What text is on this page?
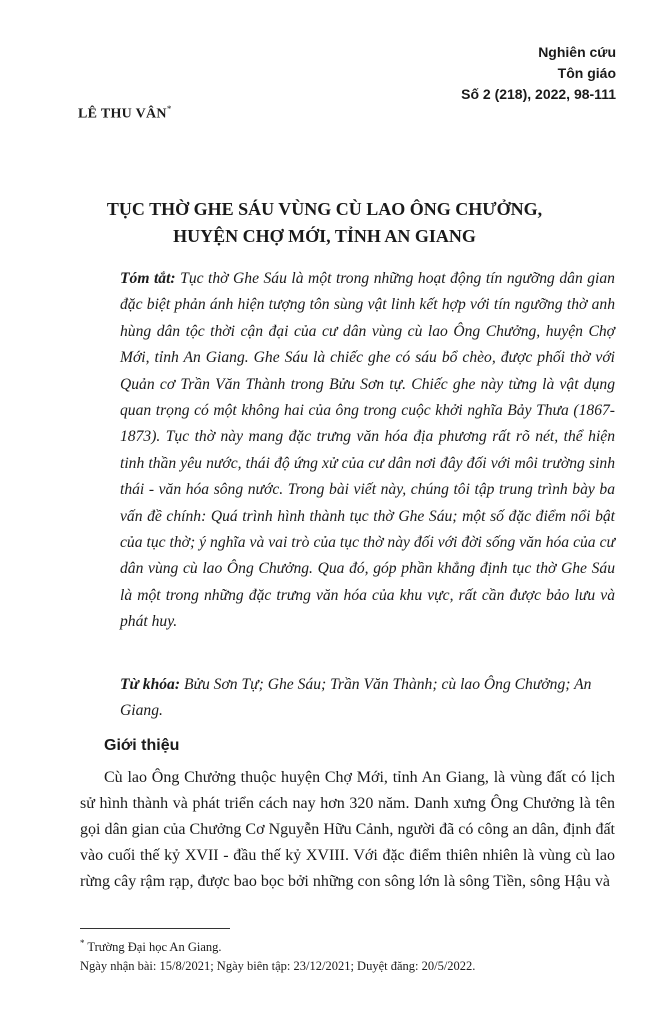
Nghiên cứu
Tôn giáo
Số 2 (218), 2022, 98-111
LÊ THU VÂN*
TỤC THỜ GHE SÁU VÙNG CÙ LAO ÔNG CHƯỞNG,
HUYỆN CHỢ MỚI, TỈNH AN GIANG
Tóm tắt: Tục thờ Ghe Sáu là một trong những hoạt động tín ngưỡng dân gian đặc biệt phản ánh hiện tượng tôn sùng vật linh kết hợp với tín ngưỡng thờ anh hùng dân tộc thời cận đại của cư dân vùng cù lao Ông Chưởng, huyện Chợ Mới, tỉnh An Giang. Ghe Sáu là chiếc ghe có sáu bổ chèo, được phối thờ với Quản cơ Trần Văn Thành trong Bửu Sơn tự. Chiếc ghe này từng là vật dụng quan trọng có một không hai của ông trong cuộc khởi nghĩa Bảy Thưa (1867-1873). Tục thờ này mang đặc trưng văn hóa địa phương rất rõ nét, thể hiện tinh thần yêu nước, thái độ ứng xử của cư dân nơi đây đối với môi trường sinh thái - văn hóa sông nước. Trong bài viết này, chúng tôi tập trung trình bày ba vấn đề chính: Quá trình hình thành tục thờ Ghe Sáu; một số đặc điểm nổi bật của tục thờ; ý nghĩa và vai trò của tục thờ này đối với đời sống văn hóa của cư dân vùng cù lao Ông Chưởng. Qua đó, góp phần khẳng định tục thờ Ghe Sáu là một trong những đặc trưng văn hóa của khu vực, rất cần được bảo lưu và phát huy.
Từ khóa: Bửu Sơn Tự; Ghe Sáu; Trần Văn Thành; cù lao Ông Chưởng; An Giang.
Giới thiệu
Cù lao Ông Chưởng thuộc huyện Chợ Mới, tỉnh An Giang, là vùng đất có lịch sử hình thành và phát triển cách nay hơn 320 năm. Danh xưng Ông Chưởng là tên gọi dân gian của Chưởng Cơ Nguyễn Hữu Cảnh, người đã có công an dân, định đất vào cuối thế kỷ XVII - đầu thế kỷ XVIII. Với đặc điểm thiên nhiên là vùng cù lao rừng cây rậm rạp, được bao bọc bởi những con sông lớn là sông Tiền, sông Hậu và
* Trường Đại học An Giang.
Ngày nhận bài: 15/8/2021; Ngày biên tập: 23/12/2021; Duyệt đăng: 20/5/2022.
